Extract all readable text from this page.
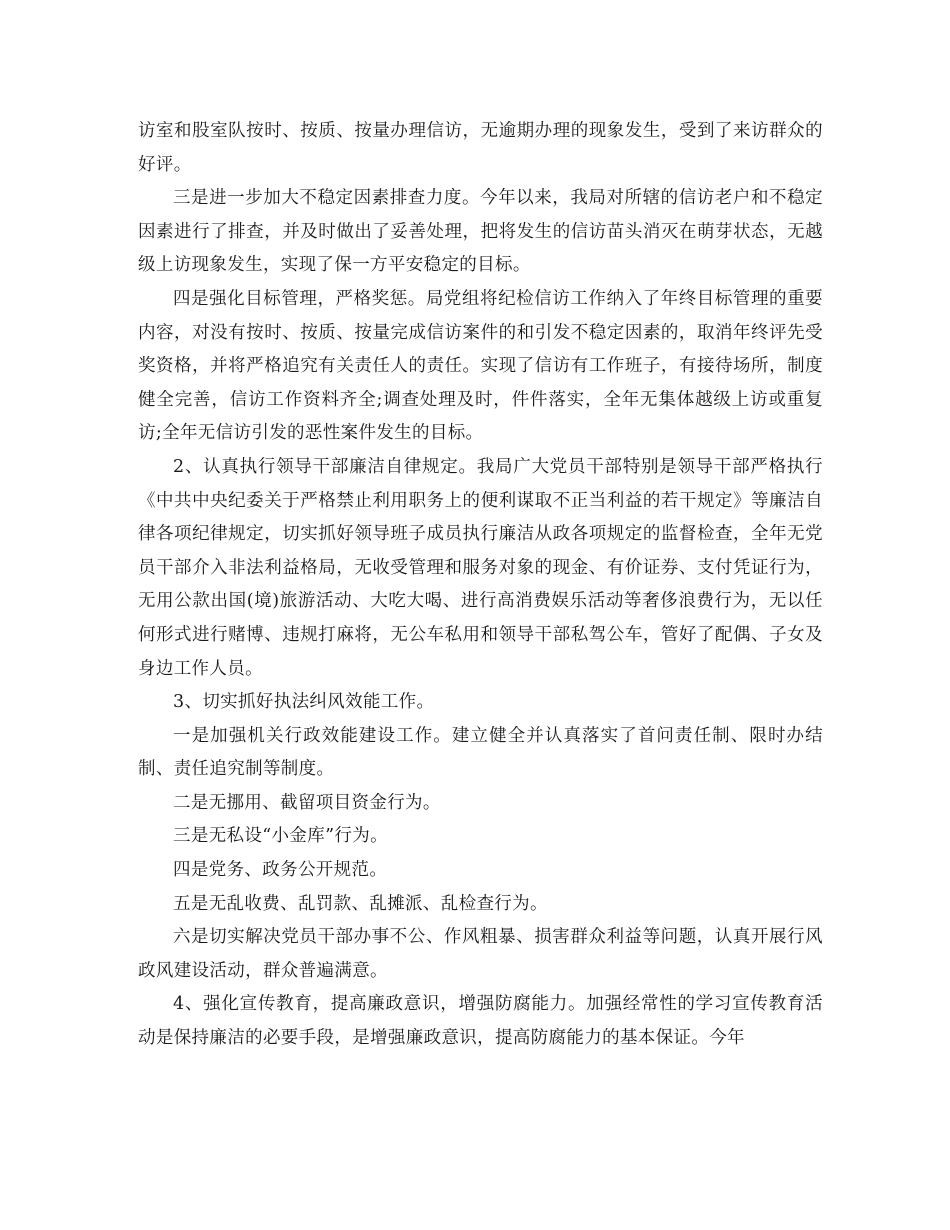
访室和股室队按时、按质、按量办理信访，无逾期办理的现象发生，受到了来访群众的好评。

三是进一步加大不稳定因素排查力度。今年以来，我局对所辖的信访老户和不稳定因素进行了排查，并及时做出了妥善处理，把将发生的信访苗头消灭在萌芽状态，无越级上访现象发生，实现了保一方平安稳定的目标。

四是强化目标管理，严格奖惩。局党组将纪检信访工作纳入了年终目标管理的重要内容，对没有按时、按质、按量完成信访案件的和引发不稳定因素的，取消年终评先受奖资格，并将严格追究有关责任人的责任。实现了信访有工作班子，有接待场所，制度健全完善，信访工作资料齐全;调查处理及时，件件落实，全年无集体越级上访或重复访;全年无信访引发的恶性案件发生的目标。

2、认真执行领导干部廉洁自律规定。我局广大党员干部特别是领导干部严格执行《中共中央纪委关于严格禁止利用职务上的便利谋取不正当利益的若干规定》等廉洁自律各项纪律规定，切实抓好领导班子成员执行廉洁从政各项规定的监督检查，全年无党员干部介入非法利益格局，无收受管理和服务对象的现金、有价证券、支付凭证行为，无用公款出国(境)旅游活动、大吃大喝、进行高消费娱乐活动等奢侈浪费行为，无以任何形式进行赌博、违规打麻将，无公车私用和领导干部私驾公车，管好了配偶、子女及身边工作人员。

3、切实抓好执法纠风效能工作。

一是加强机关行政效能建设工作。建立健全并认真落实了首问责任制、限时办结制、责任追究制等制度。

二是无挪用、截留项目资金行为。

三是无私设“小金库”行为。

四是党务、政务公开规范。

五是无乱收费、乱罚款、乱摊派、乱检查行为。

六是切实解决党员干部办事不公、作风粗暴、损害群众利益等问题，认真开展行风政风建设活动，群众普遍满意。

4、强化宣传教育，提高廉政意识，增强防腐能力。加强经常性的学习宣传教育活动是保持廉洁的必要手段，是增强廉政意识，提高防腐能力的基本保证。今年
